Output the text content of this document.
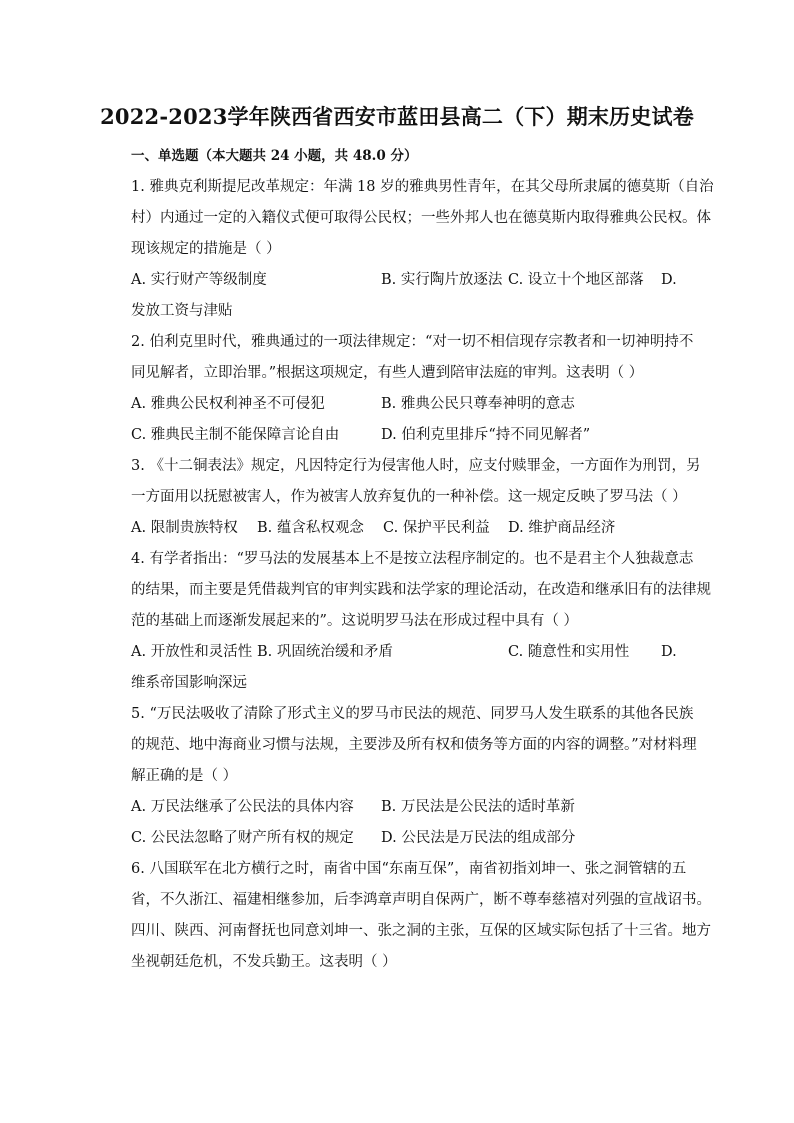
2022-2023学年陕西省西安市蓝田县高二（下）期末历史试卷
一、单选题（本大题共 24 小题，共 48.0 分）
1. 雅典克利斯提尼改革规定：年满 18 岁的雅典男性青年，在其父母所隶属的德莫斯（自治
村）内通过一定的入籍仪式便可取得公民权；一些外邦人也在德莫斯内取得雅典公民权。体
现该规定的措施是（ ）
A. 实行财产等级制度	B. 实行陶片放逐法 C. 设立十个地区部落 D.
发放工资与津贴
2. 伯利克里时代，雅典通过的一项法律规定：“对一切不相信现存宗教者和一切神明持不
同见解者，立即治罪。”根据这项规定，有些人遭到陪审法庭的审判。这表明（ ）
A. 雅典公民权利神圣不可侵犯	B. 雅典公民只尊奉神明的意志
C. 雅典民主制不能保障言论自由	D. 伯利克里排斥“持不同见解者”
3. 《十二铜表法》规定，凡因特定行为侵害他人时，应支付赎罪金，一方面作为刑罚，另
一方面用以抚慰被害人，作为被害人放弃复仇的一种补偿。这一规定反映了罗马法（ ）
A. 限制贵族特权 B. 蕴含私权观念 C. 保护平民利益 D. 维护商品经济
4. 有学者指出：“罗马法的发展基本上不是按立法程序制定的。也不是君主个人独裁意志
的结果，而主要是凭借裁判官的审判实践和法学家的理论活动，在改造和继承旧有的法律规
范的基础上而逐渐发展起来的”。这说明罗马法在形成过程中具有（ ）
A. 开放性和灵活性 B. 巩固统治缓和矛盾	C. 随意性和实用性 D.
维系帝国影响深远
5. “万民法吸收了清除了形式主义的罗马市民法的规范、同罗马人发生联系的其他各民族
的规范、地中海商业习惯与法规，主要涉及所有权和债务等方面的内容的调整。”对材料理
解正确的是（ ）
A. 万民法继承了公民法的具体内容 B. 万民法是公民法的适时革新
C. 公民法忽略了财产所有权的规定 D. 公民法是万民法的组成部分
6. 八国联军在北方横行之时，南省中国“东南互保”，南省初指刘坤一、张之洞管辖的五
省，不久浙江、福建相继参加，后李鸿章声明自保两广，断不尊奉慈禧对列强的宣战诏书。
四川、陕西、河南督抚也同意刘坤一、张之洞的主张，互保的区域实际包括了十三省。地方
坐视朝廷危机，不发兵勤王。这表明（ ）
